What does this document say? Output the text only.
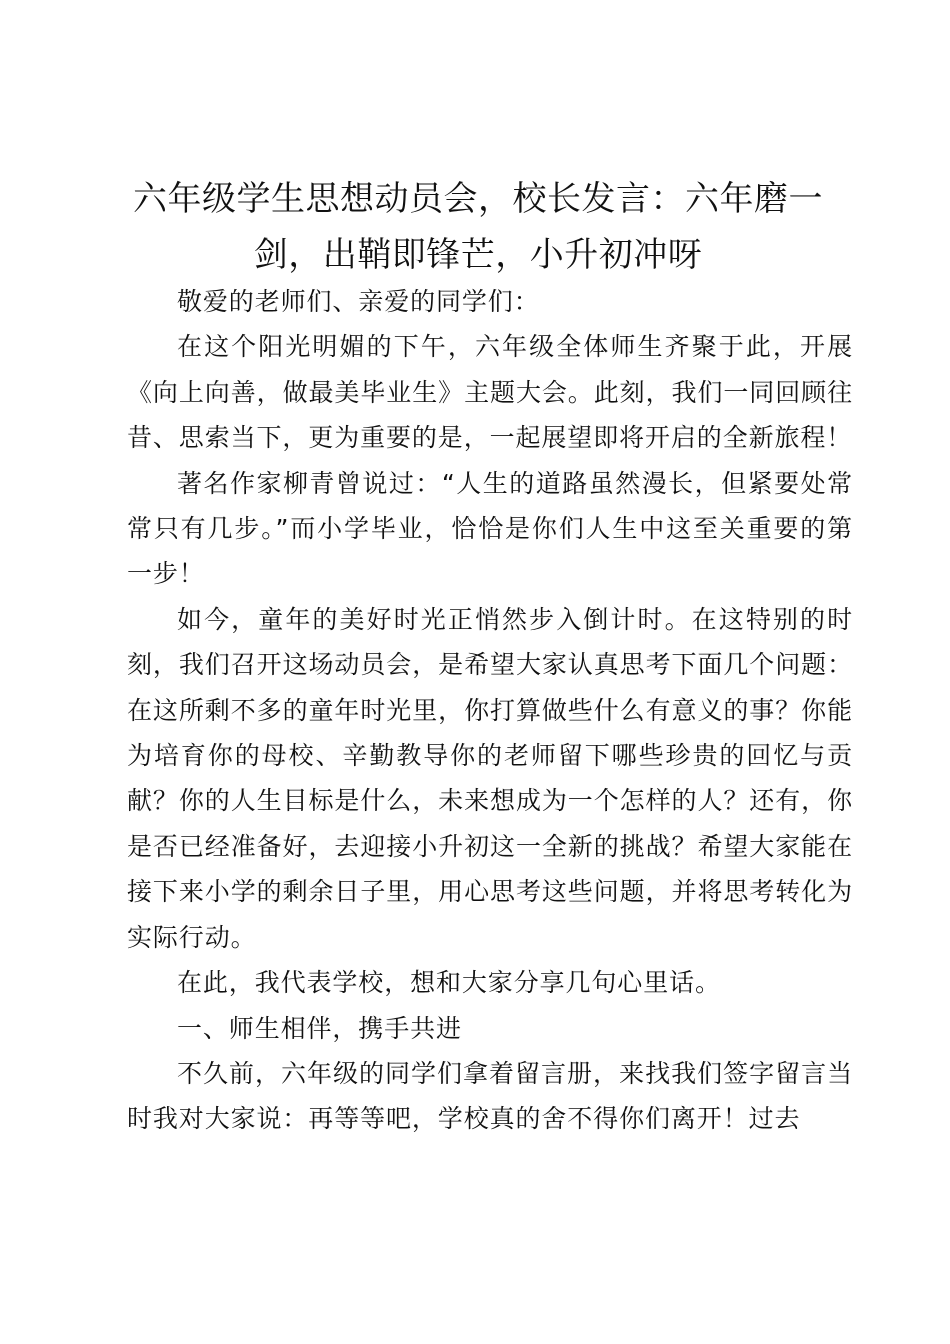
六年级学生思想动员会，校长发言：六年磨一剑，出鞘即锋芒，小升初冲呀

敬爱的老师们、亲爱的同学们：

在这个阳光明媚的下午，六年级全体师生齐聚于此，开展《向上向善，做最美毕业生》主题大会。此刻，我们一同回顾往昔、思索当下，更为重要的是，一起展望即将开启的全新旅程！

著名作家柳青曾说过：“人生的道路虽然漫长，但紧要处常常只有几步。”而小学毕业，恰恰是你们人生中这至关重要的第一步！

如今，童年的美好时光正悄然步入倒计时。在这特别的时刻，我们召开这场动员会，是希望大家认真思考下面几个问题：在这所剩不多的童年时光里，你打算做些什么有意义的事？你能为培育你的母校、辛勤教导你的老师留下哪些珍贵的回忆与贡献？你的人生目标是什么，未来想成为一个怎样的人？还有，你是否已经准备好，去迎接小升初这一全新的挑战？希望大家能在接下来小学的剩余日子里，用心思考这些问题，并将思考转化为实际行动。

在此，我代表学校，想和大家分享几句心里话。

一、师生相伴，携手共进

不久前，六年级的同学们拿着留言册，来找我们签字留言当时我对大家说：再等等吧，学校真的舍不得你们离开！过去
